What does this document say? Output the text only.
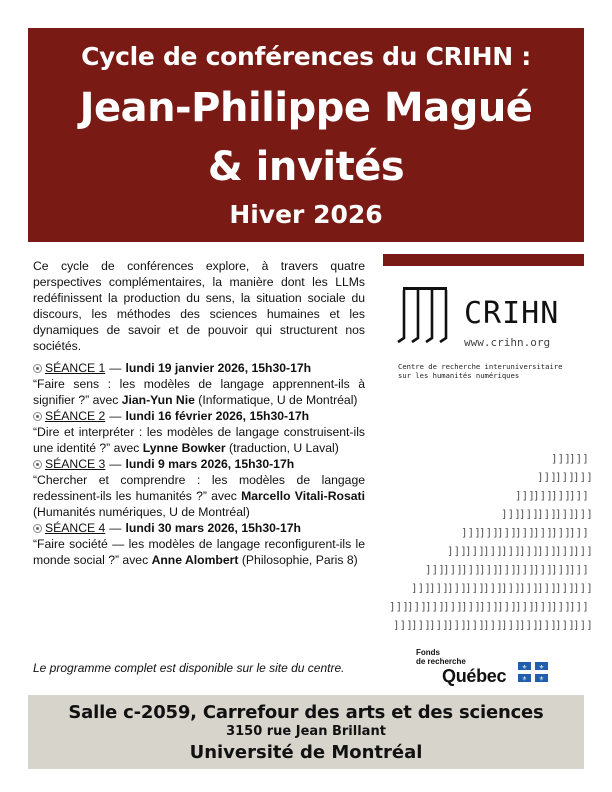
Cycle de conférences du CRIHN :
Jean-Philippe Magué
& invités
Hiver 2026
Ce cycle de conférences explore, à travers quatre perspectives complémentaires, la manière dont les LLMs redéfinissent la production du sens, la situation sociale du discours, les méthodes des sciences humaines et les dynamiques de savoir et de pouvoir qui structurent nos sociétés.
SÉANCE 1 — lundi 19 janvier 2026, 15h30-17h
“Faire sens : les modèles de langage apprennent-ils à signifier ?” avec Jian-Yun Nie (Informatique, U de Montréal)
SÉANCE 2 — lundi 16 février 2026, 15h30-17h
“Dire et interpréter : les modèles de langage construisent-ils une identité ?” avec Lynne Bowker (traduction, U Laval)
SÉANCE 3 — lundi 9 mars 2026, 15h30-17h
“Chercher et comprendre : les modèles de langage redessinent-ils les humanités ?” avec Marcello Vitali-Rosati (Humanités numériques, U de Montréal)
SÉANCE 4 — lundi 30 mars 2026, 15h30-17h
“Faire société — les modèles de langage reconfigurent-ils le monde social ?” avec Anne Alombert (Philosophie, Paris 8)
Le programme complet est disponible sur le site du centre.
CRIHN
www.crihn.org
Centre de recherche interuniversitaire
sur les humanités numériques
]]]
]]]
]]]
]]]
]]]
]]]
]]]
]]]
]]]
]]]
]]]
]]]
]]]
]]]
]]]
]]]
]]]
]]]
]]]
]]]
]]]
]]]
]]]
]]]
]]]
]]]
]]]
]]]
]]]
]]]
]]]
]]]
]]]
]]]
]]]
]]]
]]]
]]]
]]]
]]]
]]]
]]]
]]]
]]]
]]]
]]]
]]]
]]]
]]]
]]]
]]]
]]]
]]]
]]]
]]]
]]]
]]]
]]]
]]]
]]]
]]]
]]]
]]]
]]]
]]]
]]]
]]]
]]]
]]]
]]]
Fonds
de recherche
Québec	⚜ ⚜
⚜ ⚜
Salle c-2059, Carrefour des arts et des sciences
3150 rue Jean Brillant
Université de Montréal
